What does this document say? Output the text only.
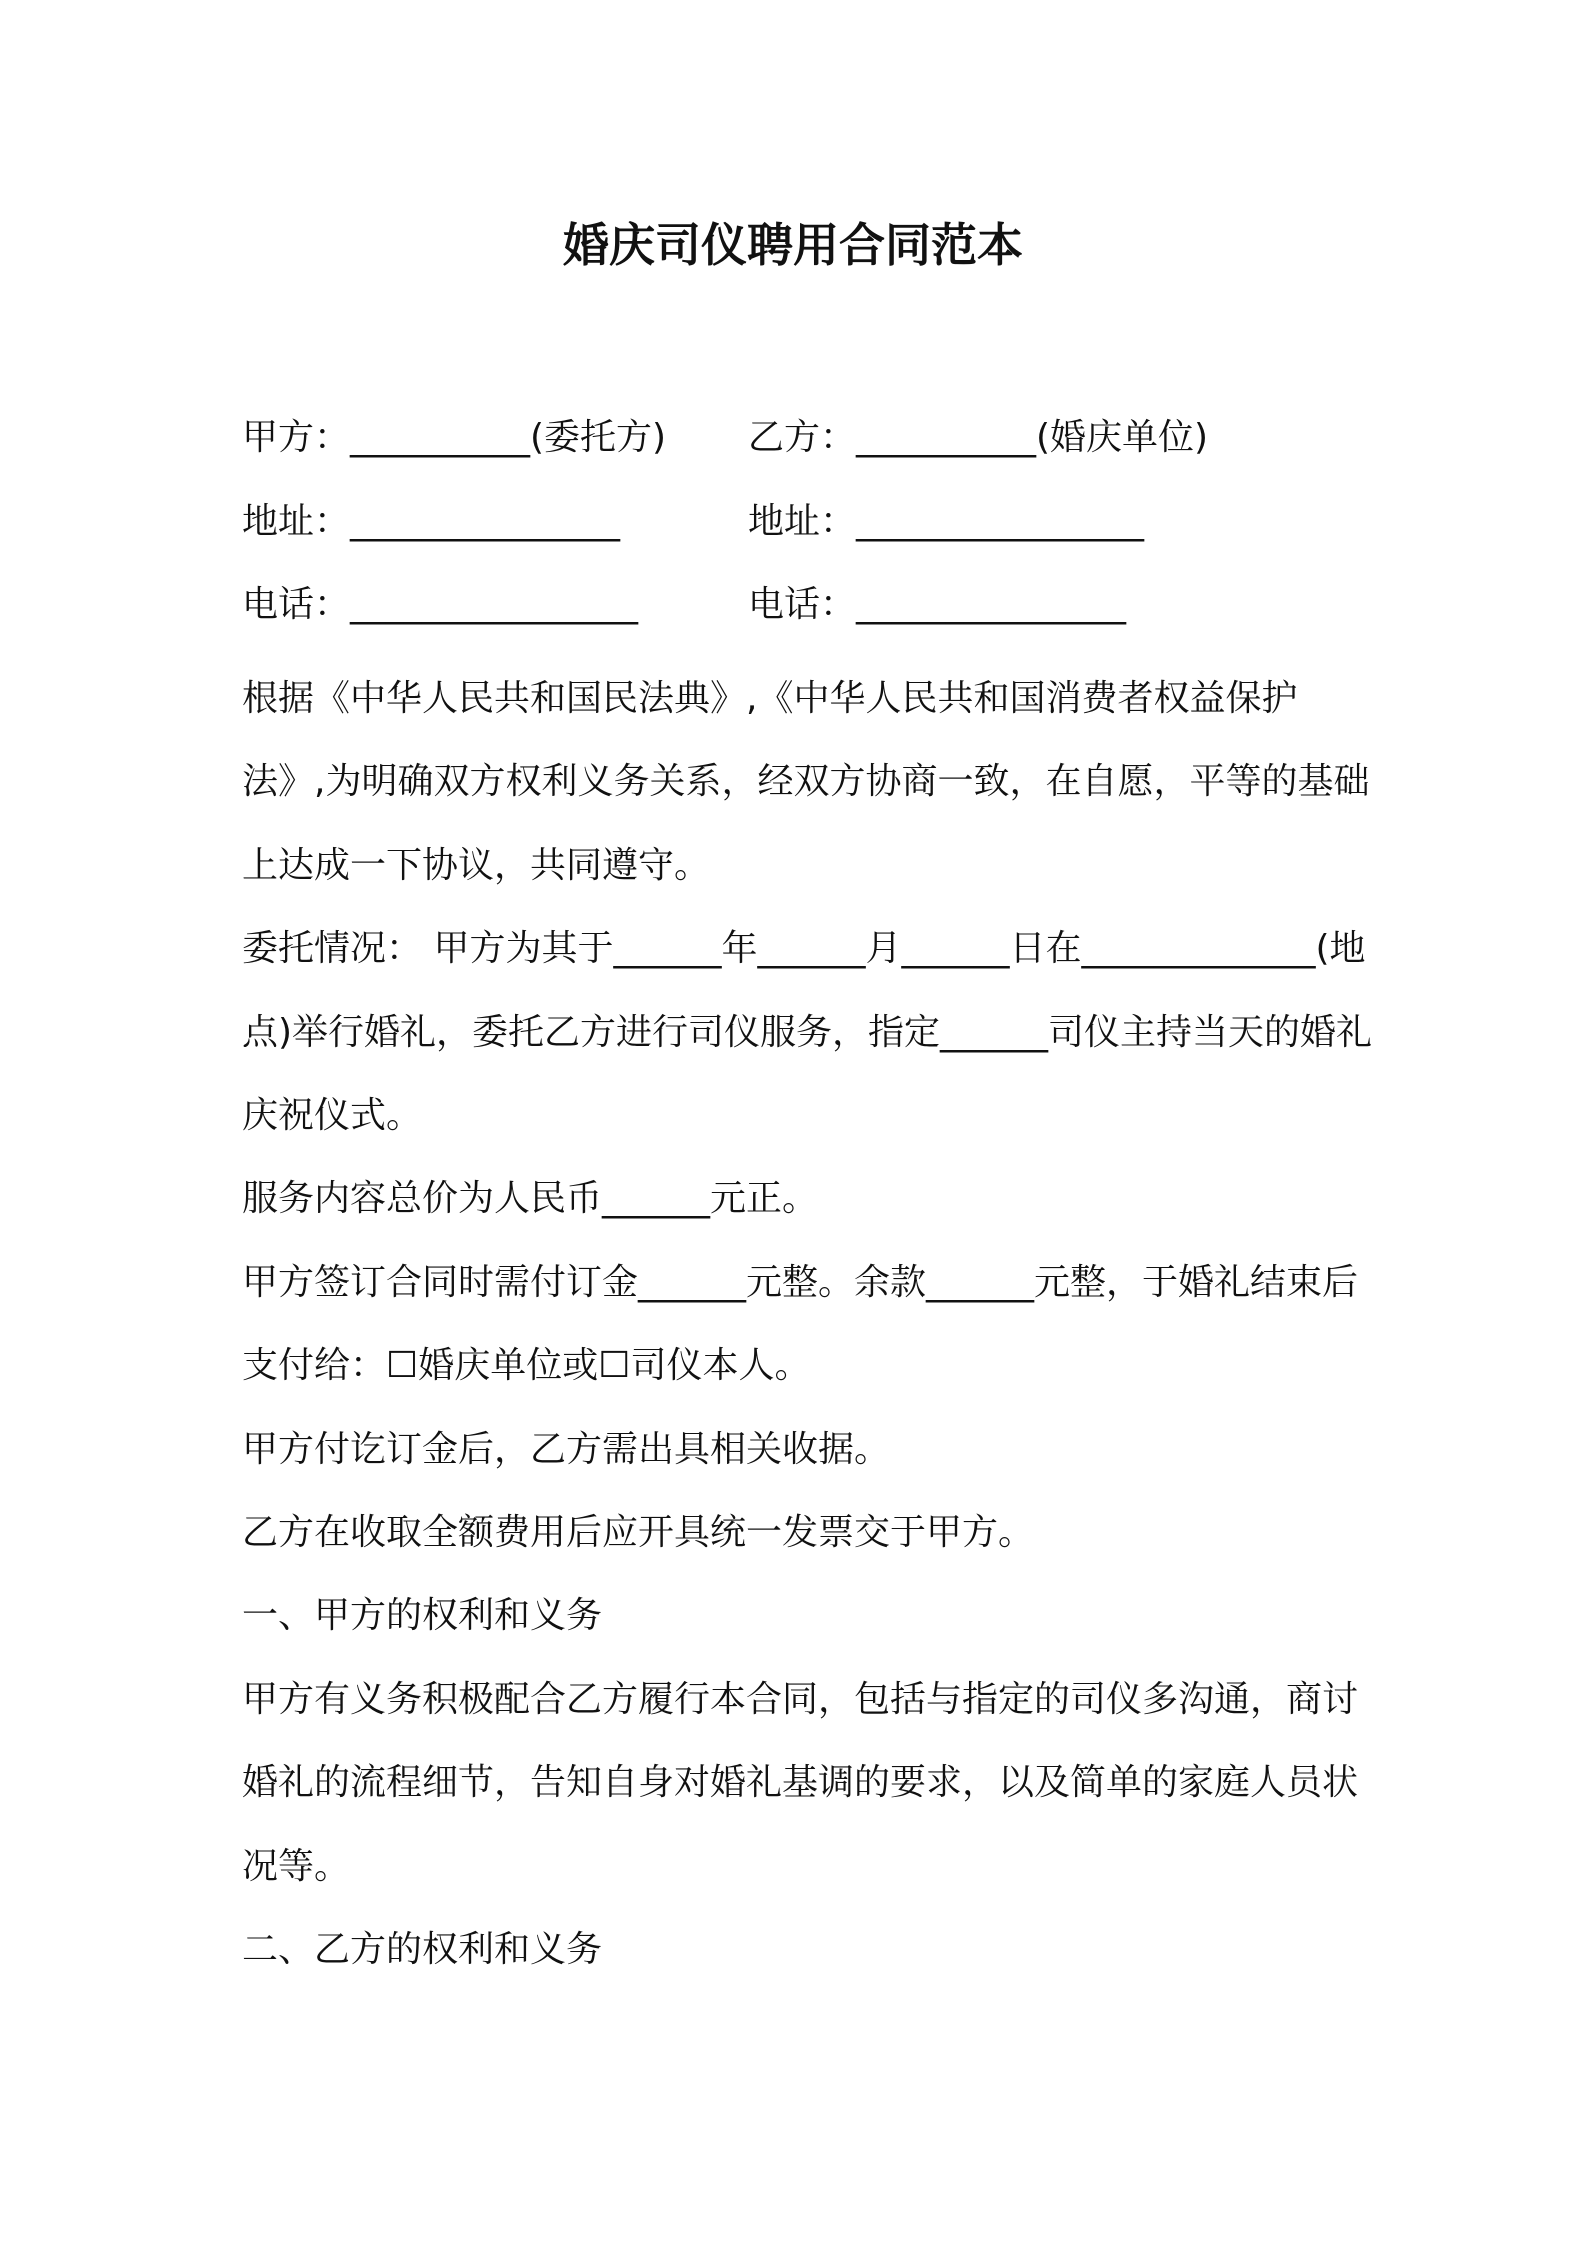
婚庆司仪聘用合同范本
甲方：__________(委托方) 乙方：__________(婚庆单位)
地址：_______________	地址：________________
电话：________________	电话：_______________

根据《中华人民共和国民法典》,《中华人民共和国消费者权益保护法》,为明确双方权利义务关系，经双方协商一致，在自愿，平等的基础上达成一下协议，共同遵守。

委托情况： 甲方为其于______年______月______日在_____________(地点)举行婚礼，委托乙方进行司仪服务，指定______司仪主持当天的婚礼庆祝仪式。

服务内容总价为人民币______元正。

甲方签订合同时需付订金______元整。余款______元整，于婚礼结束后支付给：☐婚庆单位或☐司仪本人。

甲方付讫订金后，乙方需出具相关收据。

乙方在收取全额费用后应开具统一发票交于甲方。

一、甲方的权利和义务

甲方有义务积极配合乙方履行本合同，包括与指定的司仪多沟通，商讨婚礼的流程细节，告知自身对婚礼基调的要求，以及简单的家庭人员状况等。

二、乙方的权利和义务
